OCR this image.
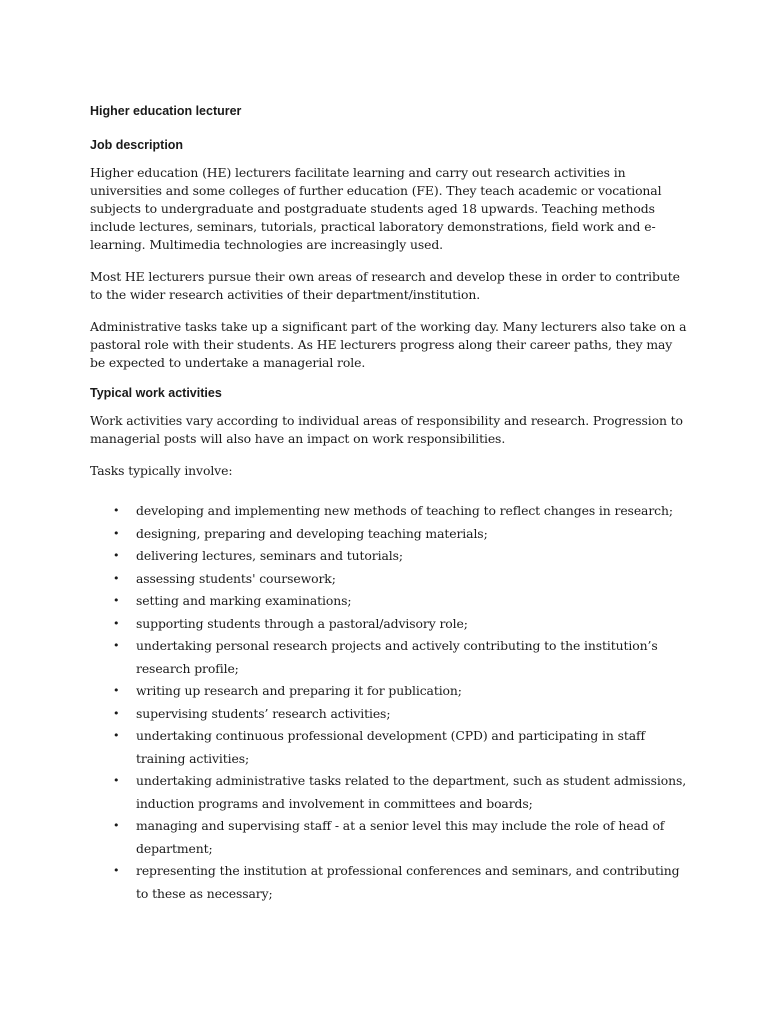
Higher education lecturer
Job description

Higher education (HE) lecturers facilitate learning and carry out research activities in universities and some colleges of further education (FE). They teach academic or vocational subjects to undergraduate and postgraduate students aged 18 upwards. Teaching methods include lectures, seminars, tutorials, practical laboratory demonstrations, field work and e-learning. Multimedia technologies are increasingly used.

Most HE lecturers pursue their own areas of research and develop these in order to contribute to the wider research activities of their department/institution.

Administrative tasks take up a significant part of the working day. Many lecturers also take on a pastoral role with their students. As HE lecturers progress along their career paths, they may be expected to undertake a managerial role.

Typical work activities

Work activities vary according to individual areas of responsibility and research. Progression to managerial posts will also have an impact on work responsibilities.

Tasks typically involve:

• developing and implementing new methods of teaching to reflect changes in research;
• designing, preparing and developing teaching materials;
• delivering lectures, seminars and tutorials;
• assessing students' coursework;
• setting and marking examinations;
• supporting students through a pastoral/advisory role;
• undertaking personal research projects and actively contributing to the institution’s research profile;
• writing up research and preparing it for publication;
• supervising students’ research activities;
• undertaking continuous professional development (CPD) and participating in staff training activities;
• undertaking administrative tasks related to the department, such as student admissions, induction programs and involvement in committees and boards;
• managing and supervising staff - at a senior level this may include the role of head of department;
• representing the institution at professional conferences and seminars, and contributing to these as necessary;
